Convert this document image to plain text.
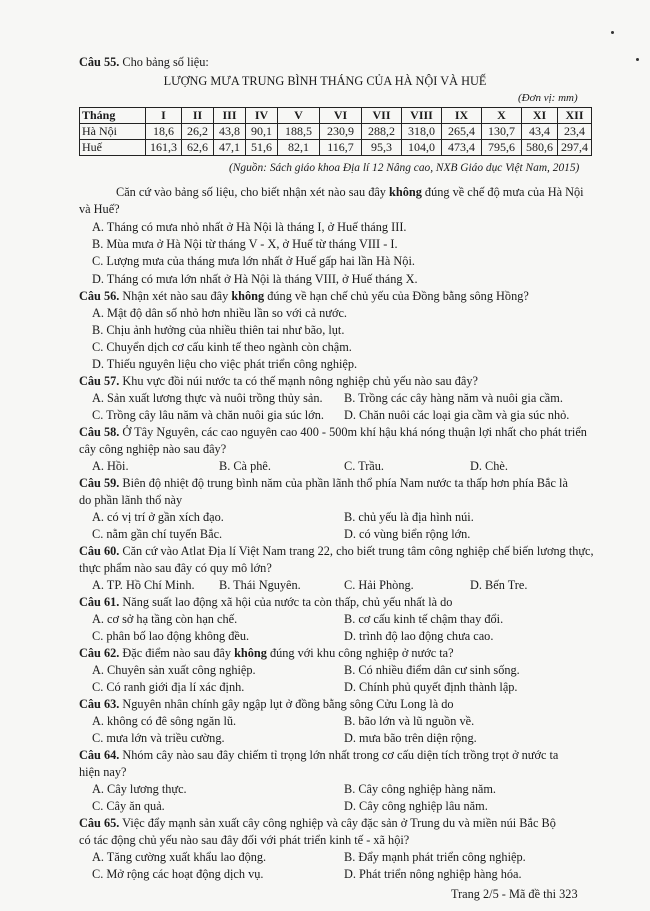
Câu 55. Cho bảng số liệu:
LƯỢNG MƯA TRUNG BÌNH THÁNG CỦA HÀ NỘI VÀ HUẾ
(Đơn vị: mm)
Tháng	I	II	III	IV	V	VI	VII	VIII	IX	X	XI	XII
Hà Nội	18,6	26,2	43,8	90,1	188,5	230,9	288,2	318,0	265,4	130,7	43,4	23,4
Huế	161,3	62,6	47,1	51,6	82,1	116,7	95,3	104,0	473,4	795,6	580,6	297,4
(Nguồn: Sách giáo khoa Địa lí 12 Nâng cao, NXB Giáo dục Việt Nam, 2015)
Căn cứ vào bảng số liệu, cho biết nhận xét nào sau đây không đúng về chế độ mưa của Hà Nội
và Huế?
A. Tháng có mưa nhỏ nhất ở Hà Nội là tháng I, ở Huế tháng III.
B. Mùa mưa ở Hà Nội từ tháng V - X, ở Huế từ tháng VIII - I.
C. Lượng mưa của tháng mưa lớn nhất ở Huế gấp hai lần Hà Nội.
D. Tháng có mưa lớn nhất ở Hà Nội là tháng VIII, ở Huế tháng X.
Câu 56. Nhận xét nào sau đây không đúng về hạn chế chủ yếu của Đồng bằng sông Hồng?
A. Mật độ dân số nhỏ hơn nhiều lần so với cả nước.
B. Chịu ảnh hưởng của nhiều thiên tai như bão, lụt.
C. Chuyển dịch cơ cấu kinh tế theo ngành còn chậm.
D. Thiếu nguyên liệu cho việc phát triển công nghiệp.
Câu 57. Khu vực đồi núi nước ta có thế mạnh nông nghiệp chủ yếu nào sau đây?
A. Sản xuất lương thực và nuôi trồng thủy sản. B. Trồng các cây hàng năm và nuôi gia cầm.
C. Trồng cây lâu năm và chăn nuôi gia súc lớn. D. Chăn nuôi các loại gia cầm và gia súc nhỏ.
Câu 58. Ở Tây Nguyên, các cao nguyên cao 400 - 500m khí hậu khá nóng thuận lợi nhất cho phát triển
cây công nghiệp nào sau đây?
A. Hồi.	B. Cà phê.	C. Trầu.	D. Chè.
Câu 59. Biên độ nhiệt độ trung bình năm của phần lãnh thổ phía Nam nước ta thấp hơn phía Bắc là
do phần lãnh thổ này
A. có vị trí ở gần xích đạo.	B. chủ yếu là địa hình núi.
C. nằm gần chí tuyến Bắc.	D. có vùng biển rộng lớn.
Câu 60. Căn cứ vào Atlat Địa lí Việt Nam trang 22, cho biết trung tâm công nghiệp chế biến lương thực,
thực phẩm nào sau đây có quy mô lớn?
A. TP. Hồ Chí Minh. B. Thái Nguyên.	C. Hải Phòng.	D. Bến Tre.
Câu 61. Năng suất lao động xã hội của nước ta còn thấp, chủ yếu nhất là do
A. cơ sở hạ tầng còn hạn chế.	B. cơ cấu kinh tế chậm thay đổi.
C. phân bố lao động không đều.	D. trình độ lao động chưa cao.
Câu 62. Đặc điểm nào sau đây không đúng với khu công nghiệp ở nước ta?
A. Chuyên sản xuất công nghiệp.	B. Có nhiều điểm dân cư sinh sống.
C. Có ranh giới địa lí xác định.	D. Chính phủ quyết định thành lập.
Câu 63. Nguyên nhân chính gây ngập lụt ở đồng bằng sông Cửu Long là do
A. không có đê sông ngăn lũ.	B. bão lớn và lũ nguồn về.
C. mưa lớn và triều cường.	D. mưa bão trên diện rộng.
Câu 64. Nhóm cây nào sau đây chiếm tỉ trọng lớn nhất trong cơ cấu diện tích trồng trọt ở nước ta
hiện nay?
A. Cây lương thực.	B. Cây công nghiệp hàng năm.
C. Cây ăn quả.	D. Cây công nghiệp lâu năm.
Câu 65. Việc đẩy mạnh sản xuất cây công nghiệp và cây đặc sản ở Trung du và miền núi Bắc Bộ
có tác động chủ yếu nào sau đây đối với phát triển kinh tế - xã hội?
A. Tăng cường xuất khẩu lao động.	B. Đẩy mạnh phát triển công nghiệp.
C. Mở rộng các hoạt động dịch vụ.	D. Phát triển nông nghiệp hàng hóa.
Trang 2/5 - Mã đề thi 323
